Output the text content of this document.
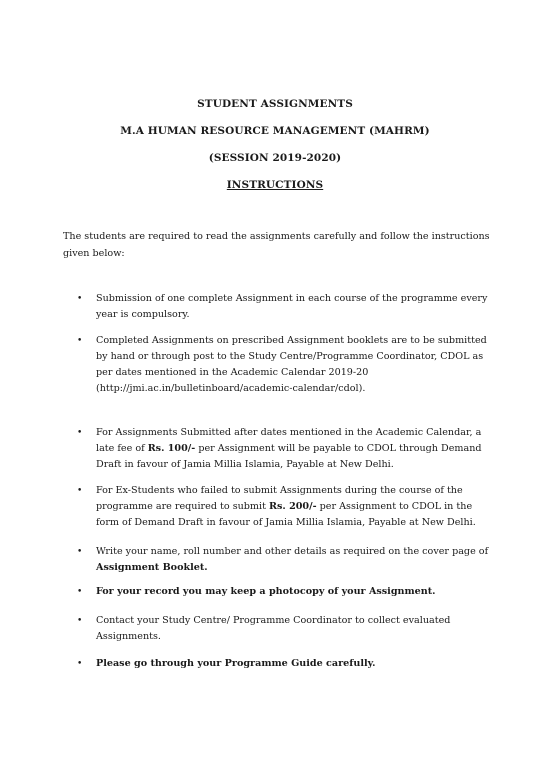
STUDENT ASSIGNMENTS
M.A HUMAN RESOURCE MANAGEMENT (MAHRM)
(SESSION 2019-2020)
INSTRUCTIONS
The students are required to read the assignments carefully and follow the instructions given below:
• Submission of one complete Assignment in each course of the programme every year is compulsory.
• Completed Assignments on prescribed Assignment booklets are to be submitted by hand or through post to the Study Centre/Programme Coordinator, CDOL as per dates mentioned in the Academic Calendar 2019-20 (http://jmi.ac.in/bulletinboard/academic-calendar/cdol).
• For Assignments Submitted after dates mentioned in the Academic Calendar, a late fee of Rs. 100/- per Assignment will be payable to CDOL through Demand Draft in favour of Jamia Millia Islamia, Payable at New Delhi.
• For Ex-Students who failed to submit Assignments during the course of the programme are required to submit Rs. 200/- per Assignment to CDOL in the form of Demand Draft in favour of Jamia Millia Islamia, Payable at New Delhi.
• Write your name, roll number and other details as required on the cover page of Assignment Booklet.
• For your record you may keep a photocopy of your Assignment.
• Contact your Study Centre/ Programme Coordinator to collect evaluated Assignments.
• Please go through your Programme Guide carefully.
